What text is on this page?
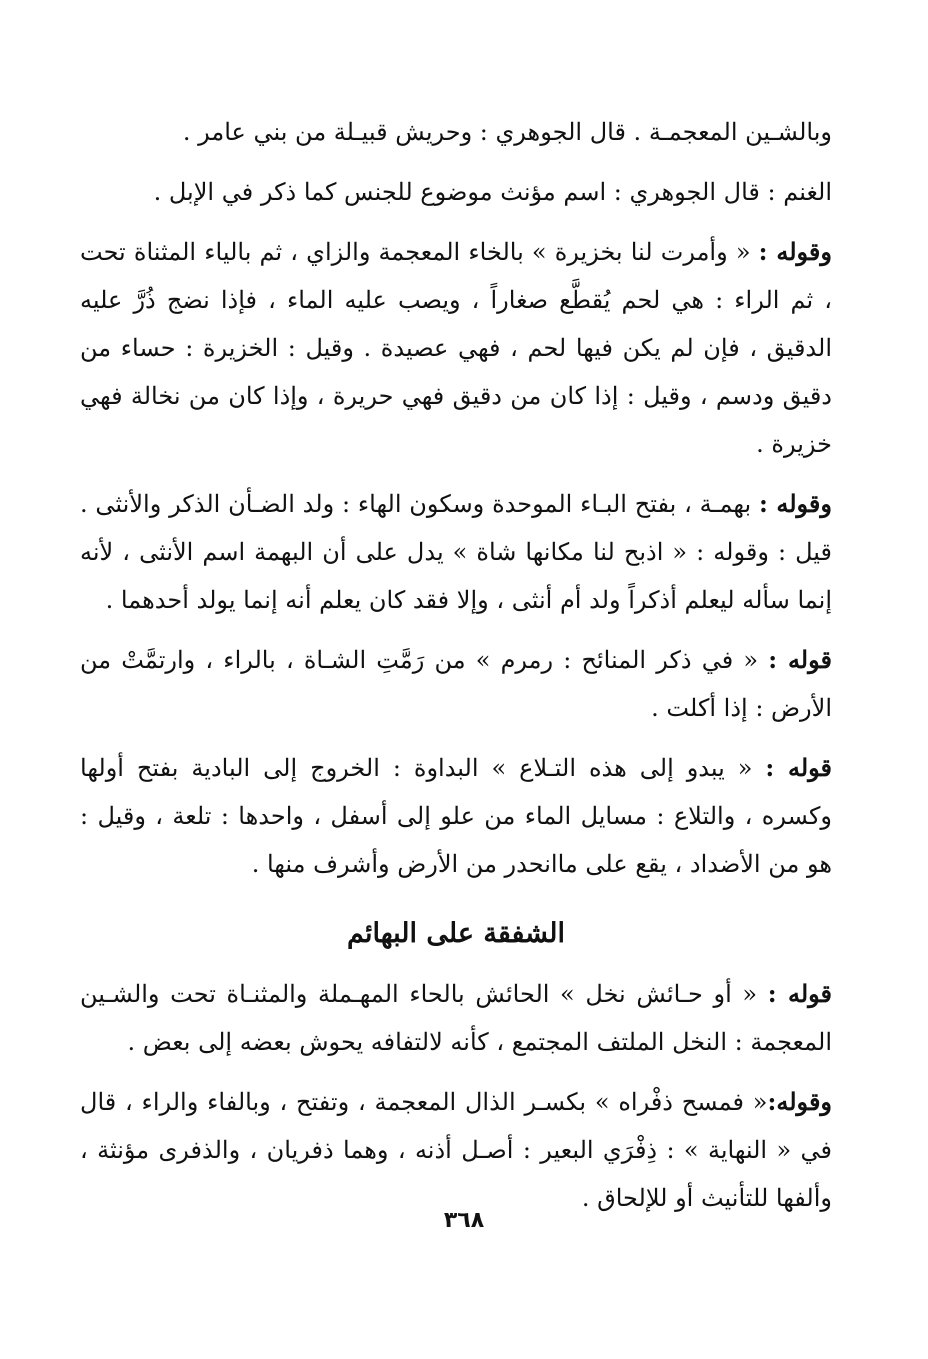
وبالشـين المعجمـة . قال الجوهري : وحريش قبيـلة من بني عامر .

الغنم : قال الجوهري : اسم مؤنث موضوع للجنس كما ذكر في الإبل .

وقوله : « وأمرت لنا بخزيرة » بالخاء المعجمة والزاي ، ثم بالياء المثناة تحت ، ثم الراء : هي لحم يُقطَّع صغاراً ، ويصب عليه الماء ، فإذا نضج ذُرَّ عليه الدقيق ، فإن لم يكن فيها لحم ، فهي عصيدة . وقيل : الخزيرة : حساء من دقيق ودسم ، وقيل : إذا كان من دقيق فهي حريرة ، وإذا كان من نخالة فهي خزيرة .

وقوله : بهمـة ، بفتح البـاء الموحدة وسكون الهاء : ولد الضـأن الذكر والأنثى . قيل : وقوله : « اذبح لنا مكانها شاة » يدل على أن البهمة اسم الأنثى ، لأنه إنما سأله ليعلم أذكراً ولد أم أنثى ، وإلا فقد كان يعلم أنه إنما يولد أحدهما .

قوله : « في ذكر المنائح : رمرم » من رَمَّتِ الشـاة ، بالراء ، وارتمَّتْ من الأرض : إذا أكلت .

قوله : « يبدو إلى هذه التـلاع » البداوة : الخروج إلى البادية بفتح أولها وكسره ، والتلاع : مسايل الماء من علو إلى أسفل ، واحدها : تلعة ، وقيل : هو من الأضداد ، يقع على ماانحدر من الأرض وأشرف منها .

الشفقة على البهائم

قوله : « أو حـائش نخل » الحائش بالحاء المهـملة والمثنـاة تحت والشـين المعجمة : النخل الملتف المجتمع ، كأنه لالتفافه يحوش بعضه إلى بعض .

وقوله:« فمسح ذفْراه » بكسـر الذال المعجمة ، وتفتح ، وبالفاء والراء ، قال في « النهاية » : ذِفْرَي البعير : أصـل أذنه ، وهما ذفريان ، والذفرى مؤنثة ، وألفها للتأنيث أو للإلحاق .

٣٦٨
